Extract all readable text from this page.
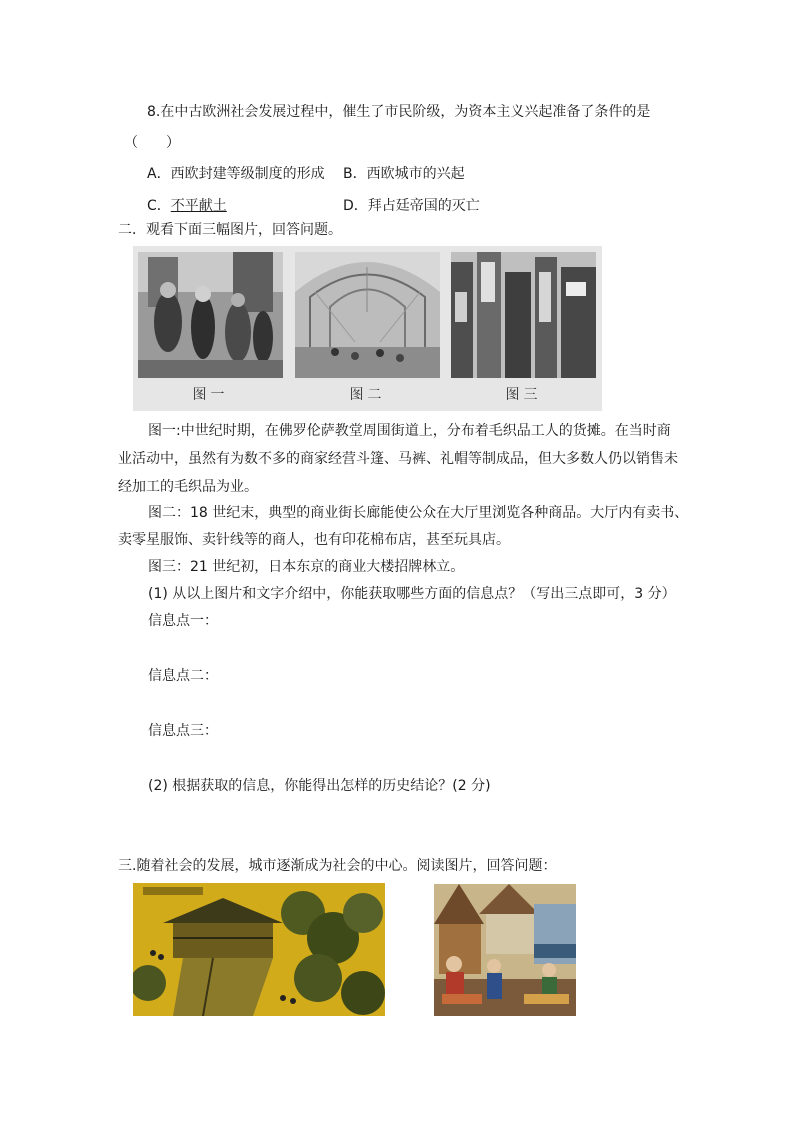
8.在中古欧洲社会发展过程中，催生了市民阶级，为资本主义兴起准备了条件的是
（　　）
A．西欧封建等级制度的形成 B．西欧城市的兴起
C．不平献土	D．拜占廷帝国的灭亡
二．观看下面三幅图片，回答问题。
图一	图二	图三
图一:中世纪时期，在佛罗伦萨教堂周围街道上，分布着毛织品工人的货摊。在当时商
业活动中，虽然有为数不多的商家经营斗篷、马裤、礼帽等制成品，但大多数人仍以销售未
经加工的毛织品为业。
图二：18 世纪末，典型的商业街长廊能使公众在大厅里浏览各种商品。大厅内有卖书、
卖零星服饰、卖针线等的商人，也有印花棉布店，甚至玩具店。
图三：21 世纪初，日本东京的商业大楼招牌林立。
(1) 从以上图片和文字介绍中，你能获取哪些方面的信息点？（写出三点即可，3 分）
信息点一：
信息点二：
信息点三：
(2) 根据获取的信息，你能得出怎样的历史结论？(2 分)
三.随着社会的发展，城市逐渐成为社会的中心。阅读图片，回答问题：
